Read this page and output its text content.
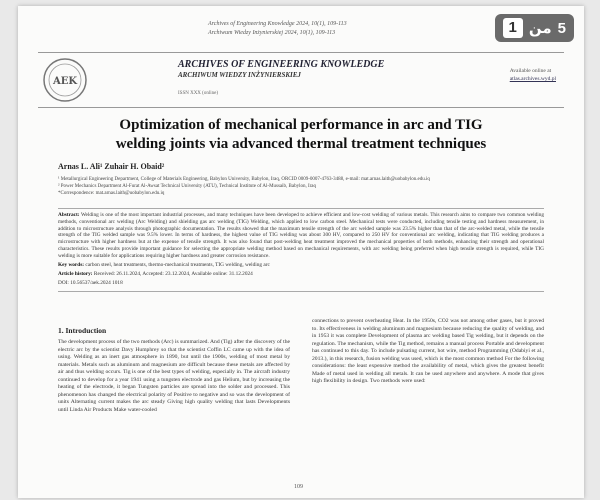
1 من 5
Archives of Engineering Knowledge 2024, 10(1), 109-113
Archiwum Wiedzy Inżynierskiej 2024, 10(1), 109-113
AEK
ARCHIVES OF ENGINEERING KNOWLEDGE
ARCHIWUM WIEDZY INŻYNIERSKIEJ
ISSN XXX (online)
Available online at
atlas.archives.wyd.pl
Optimization of mechanical performance in arc and TIG
welding joints via advanced thermal treatment techniques
Arnas L. Ali¹ Zuhair H. Obaid²
¹ Metallurgical Engineering Department, College of Materials Engineering, Babylon University, Babylon, Iraq, ORCID 0009-0007-4763-3488, e-mail: mat.arnas.laith@uobabylon.edu.iq
² Power Mechanics Department Al-Furat Al-Awsat Technical University (ATU), Technical Institute of Al-Mussaib, Babylon, Iraq
*Correspondence: mat.arnas.laith@uobabylon.edu.iq

Abstract: Welding is one of the most important industrial processes, and many techniques have been developed to achieve efficient and low-cost welding of various metals. This research aims to compare two common welding methods, conventional arc welding (Arc Welding) and shielding gas arc welding (TIG) Welding, which applied to low carbon steel. Mechanical tests were conducted, including tensile testing and hardness measurement, in addition to microstructure analysis through photographic documentation. The results showed that the maximum tensile strength of the arc welded sample was 23.5% higher than that of the arc-welded metal, while the tensile strength of the TIG welded sample was 9.5% lower. In terms of hardness, the highest value of TIG welding was about 300 HV, compared to 250 HV for conventional arc welding, indicating that TIG welding produces a microstructure with higher hardness but at the expense of tensile strength. It was also found that post-welding heat treatment improved the mechanical properties of both methods, enhancing their strength and operational characteristics. These results provide important guidance for selecting the appropriate welding method based on mechanical requirements, with arc welding being preferred when high tensile strength is required, while TIG welding is more suitable for applications requiring higher hardness and greater corrosion resistance.

Key words: carbon steel, heat treatments, thermo-mechanical treatments, TIG welding, welding arc
Article history: Received: 26.11.2024, Accepted: 23.12.2024, Available online: 31.12.2024
DOI: 10.56537/aek.2024 1018
1. Introduction
The development process of the two methods (Arc) is summarized. And (Tig) after the discovery of the electric arc by the scientist Davy Humphrey so that the scientist Coffin LC came up with the idea of using. Welding as an inert gas atmosphere in 1890, but until the 1900s, welding of most metal by materials. Metals such as aluminum and magnesium are difficult because these metals are affected by air and thus welding occurs. Tig is one of the best types of welding, especially in. The aircraft industry continued to develop for a year 1941 using a tungsten electrode and gas Helium, but by increasing the heating of the electrode, it began Tungsten particles are spread into the solder and processed. This phenomenon has changed the electrical polarity of Positive to negative and so was the development of units Alternating current makes the arc steady Giving high quality welding that lasts Developments until Linda Air Products Make water-cooled
connections to prevent overheating Heat. In the 1950s, CO2 was not among other gases, but it proved to. Its effectiveness in welding aluminum and magnesium because reducing the quality of welding, and in 1953 it was complete Development of plasma arc welding based Tig welding, but it depends on the regulation. The mechanism, while the Tig method, remains a manual process Portable and development has continued to this day. To include pulsating current, hot wire, method Programming (Odabiyi et al., 2013.), in this research, fusion welding was used, which is the most common method For the following considerations: the least expensive method the availability of metal, which gives the greatest benefit Made of metal used in welding all metals. It can be used anywhere and anywhere. A mode that gives high flexibility in design. Two methods were used:
109
